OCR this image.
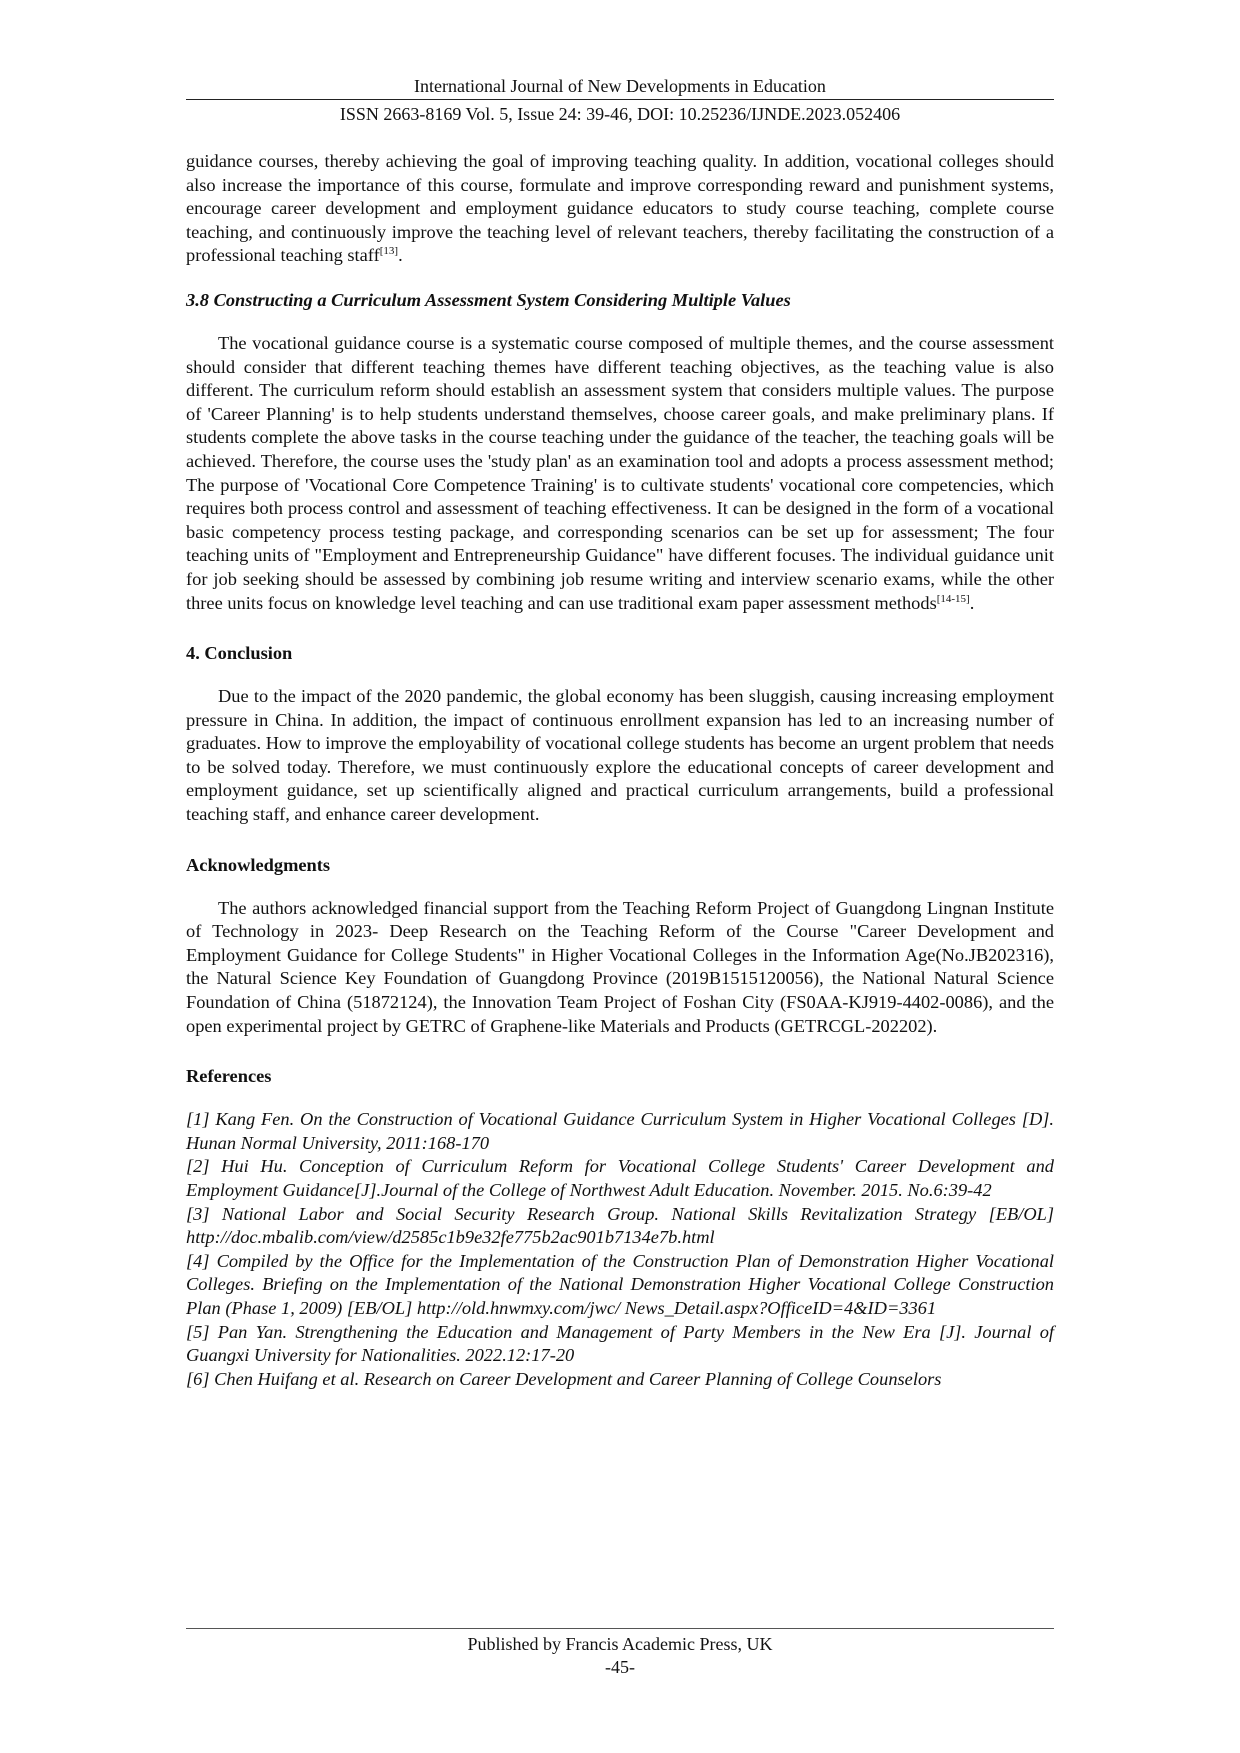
International Journal of New Developments in Education
ISSN 2663-8169 Vol. 5, Issue 24: 39-46, DOI: 10.25236/IJNDE.2023.052406

guidance courses, thereby achieving the goal of improving teaching quality. In addition, vocational colleges should also increase the importance of this course, formulate and improve corresponding reward and punishment systems, encourage career development and employment guidance educators to study course teaching, complete course teaching, and continuously improve the teaching level of relevant teachers, thereby facilitating the construction of a professional teaching staff[13].

3.8 Constructing a Curriculum Assessment System Considering Multiple Values

The vocational guidance course is a systematic course composed of multiple themes, and the course assessment should consider that different teaching themes have different teaching objectives, as the teaching value is also different. The curriculum reform should establish an assessment system that considers multiple values. The purpose of 'Career Planning' is to help students understand themselves, choose career goals, and make preliminary plans. If students complete the above tasks in the course teaching under the guidance of the teacher, the teaching goals will be achieved. Therefore, the course uses the 'study plan' as an examination tool and adopts a process assessment method; The purpose of 'Vocational Core Competence Training' is to cultivate students' vocational core competencies, which requires both process control and assessment of teaching effectiveness. It can be designed in the form of a vocational basic competency process testing package, and corresponding scenarios can be set up for assessment; The four teaching units of "Employment and Entrepreneurship Guidance" have different focuses. The individual guidance unit for job seeking should be assessed by combining job resume writing and interview scenario exams, while the other three units focus on knowledge level teaching and can use traditional exam paper assessment methods[14-15].

4. Conclusion

Due to the impact of the 2020 pandemic, the global economy has been sluggish, causing increasing employment pressure in China. In addition, the impact of continuous enrollment expansion has led to an increasing number of graduates. How to improve the employability of vocational college students has become an urgent problem that needs to be solved today. Therefore, we must continuously explore the educational concepts of career development and employment guidance, set up scientifically aligned and practical curriculum arrangements, build a professional teaching staff, and enhance career development.

Acknowledgments

The authors acknowledged financial support from the Teaching Reform Project of Guangdong Lingnan Institute of Technology in 2023- Deep Research on the Teaching Reform of the Course "Career Development and Employment Guidance for College Students" in Higher Vocational Colleges in the Information Age(No.JB202316), the Natural Science Key Foundation of Guangdong Province (2019B1515120056), the National Natural Science Foundation of China (51872124), the Innovation Team Project of Foshan City (FS0AA-KJ919-4402-0086), and the open experimental project by GETRC of Graphene-like Materials and Products (GETRCGL-202202).

References

[1] Kang Fen. On the Construction of Vocational Guidance Curriculum System in Higher Vocational Colleges [D]. Hunan Normal University, 2011:168-170

[2] Hui Hu. Conception of Curriculum Reform for Vocational College Students' Career Development and Employment Guidance[J].Journal of the College of Northwest Adult Education. November. 2015. No.6:39-42

[3] National Labor and Social Security Research Group. National Skills Revitalization Strategy [EB/OL] http://doc.mbalib.com/view/d2585c1b9e32fe775b2ac901b7134e7b.html

[4] Compiled by the Office for the Implementation of the Construction Plan of Demonstration Higher Vocational Colleges. Briefing on the Implementation of the National Demonstration Higher Vocational College Construction Plan (Phase 1, 2009) [EB/OL] http://old.hnwmxy.com/jwc/ News_Detail.aspx?OfficeID=4&ID=3361

[5] Pan Yan. Strengthening the Education and Management of Party Members in the New Era [J]. Journal of Guangxi University for Nationalities. 2022.12:17-20

[6] Chen Huifang et al. Research on Career Development and Career Planning of College Counselors

Published by Francis Academic Press, UK
-45-
